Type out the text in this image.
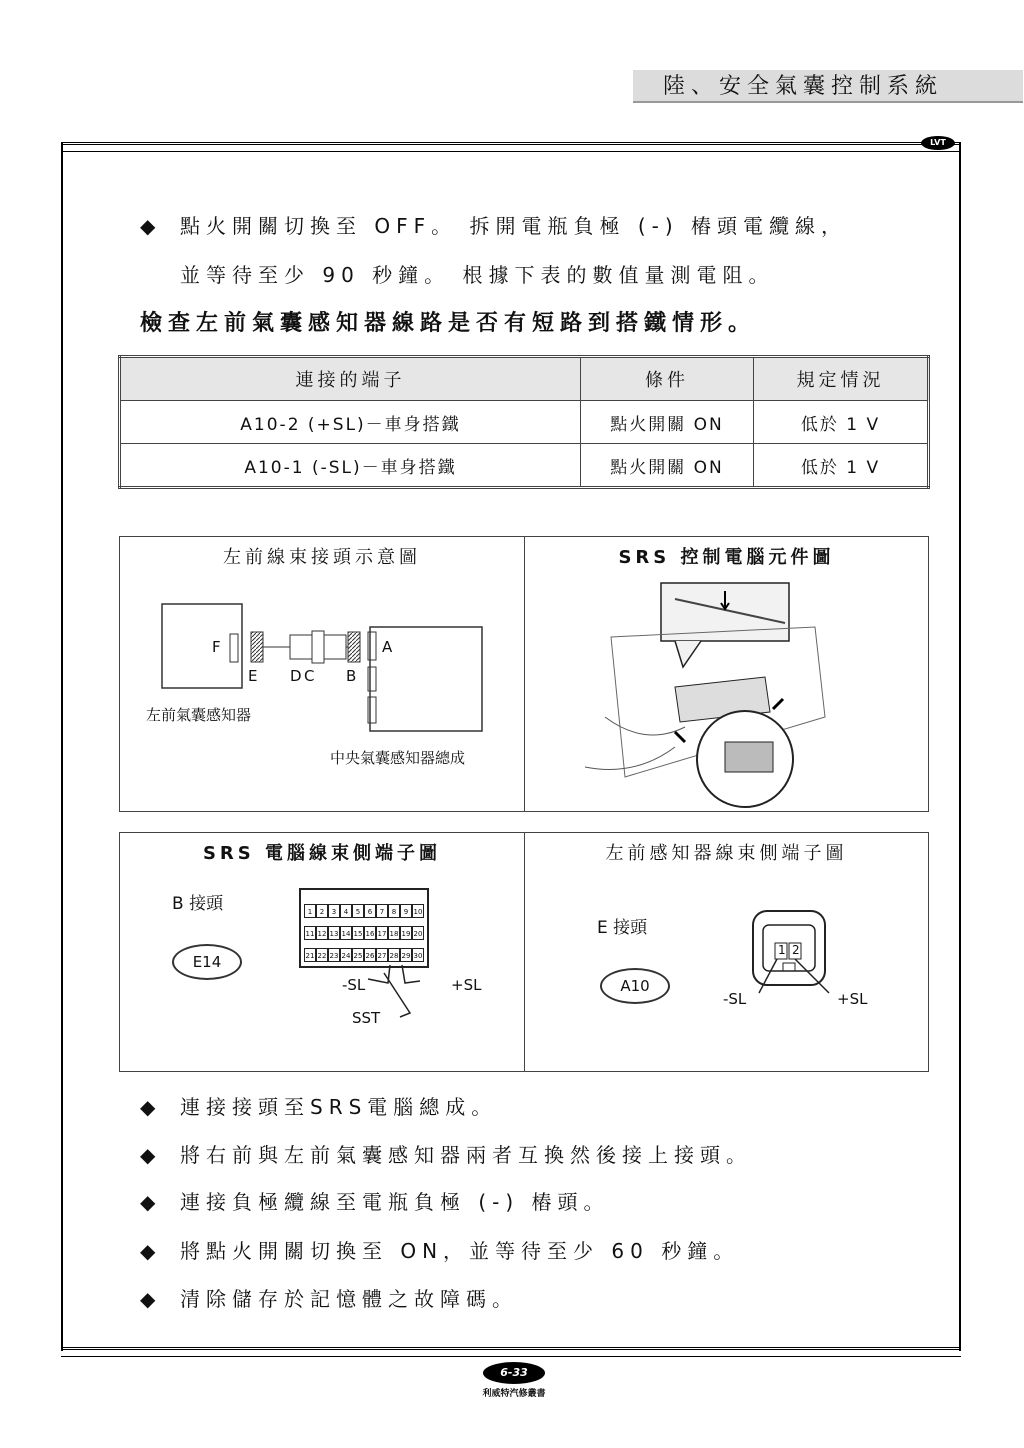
陸、安全氣囊控制系統
LVT
◆ 點火開關切換至 OFF。 拆開電瓶負極 (-) 樁頭電纜線，
並等待至少 90 秒鐘。 根據下表的數值量測電阻。
檢查左前氣囊感知器線路是否有短路到搭鐵情形。
連接的端子	條件	規定情況
A10-2 (+SL)－車身搭鐵	點火開關 ON	低於 1 V
A10-1 (-SL)－車身搭鐵	點火開關 ON	低於 1 V
左前線束接頭示意圖
F
E D C B
A
左前氣囊感知器
中央氣囊感知器總成
SRS 控制電腦元件圖
SRS 電腦線束側端子圖
B 接頭
E14
1 2 3 4 5 6 7 8 9 10
11 12 13 14 15 16 17 18 19 20
21 22 23 24 25 26 27 28 29 30

-SL	+SL
SST
左前感知器線束側端子圖
E 接頭
A10
1 2
-SL	+SL
◆ 連接接頭至SRS電腦總成。
◆ 將右前與左前氣囊感知器兩者互換然後接上接頭。
◆ 連接負極纜線至電瓶負極 (-) 樁頭。
◆ 將點火開關切換至 ON，並等待至少 60 秒鐘。
◆ 清除儲存於記憶體之故障碼。
6-33
利威特汽修叢書
